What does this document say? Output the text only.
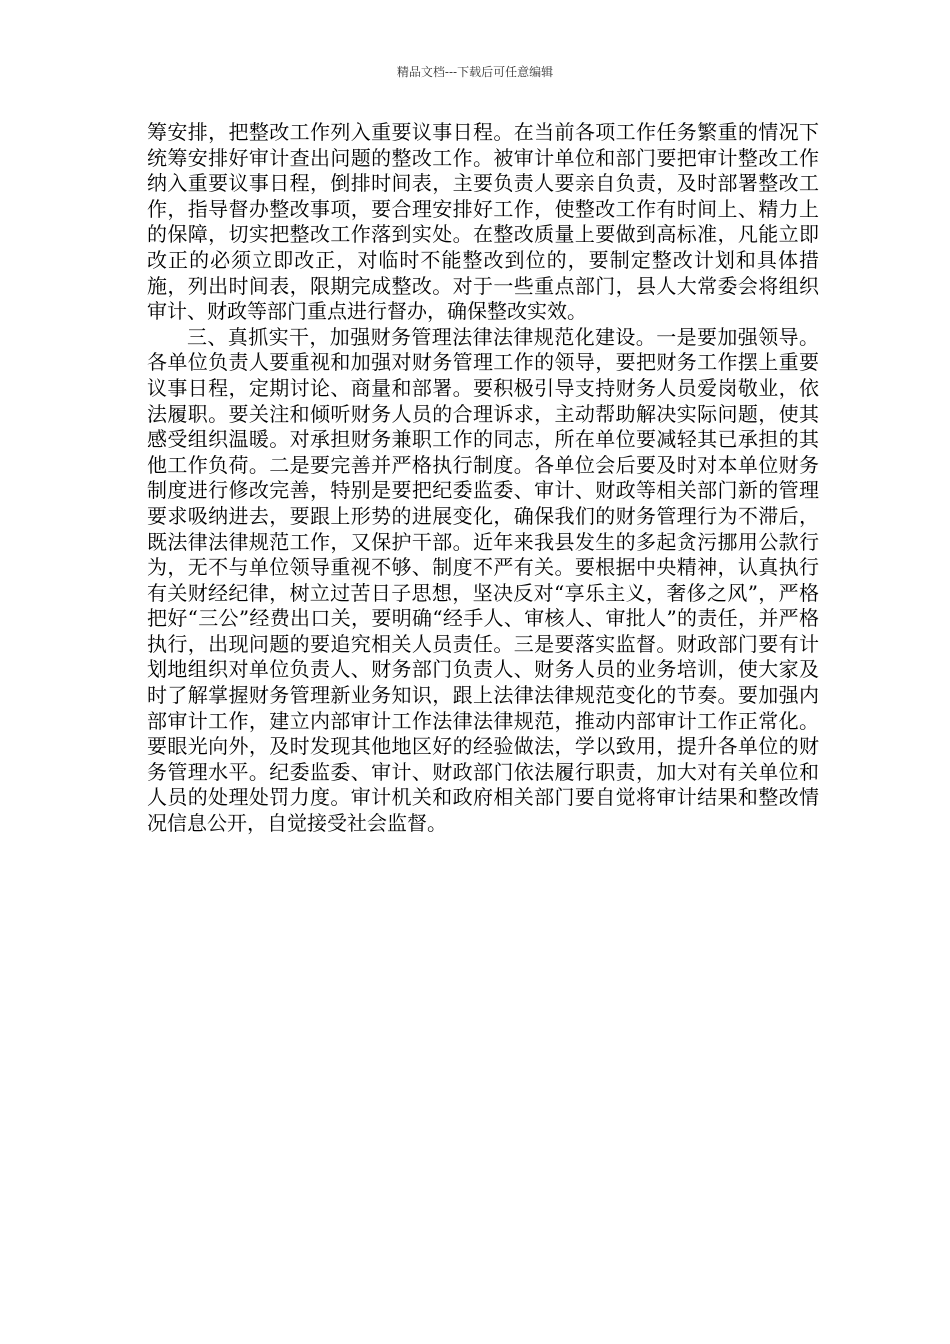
精品文档---下载后可任意编辑

筹安排，把整改工作列入重要议事日程。在当前各项工作任务繁重的情况下统筹安排好审计查出问题的整改工作。被审计单位和部门要把审计整改工作纳入重要议事日程，倒排时间表，主要负责人要亲自负责，及时部署整改工作，指导督办整改事项，要合理安排好工作，使整改工作有时间上、精力上的保障，切实把整改工作落到实处。在整改质量上要做到高标准，凡能立即改正的必须立即改正，对临时不能整改到位的，要制定整改计划和具体措施，列出时间表，限期完成整改。对于一些重点部门，县人大常委会将组织审计、财政等部门重点进行督办，确保整改实效。

三、真抓实干，加强财务管理法律法律规范化建设。一是要加强领导。各单位负责人要重视和加强对财务管理工作的领导，要把财务工作摆上重要议事日程，定期讨论、商量和部署。要积极引导支持财务人员爱岗敬业，依法履职。要关注和倾听财务人员的合理诉求，主动帮助解决实际问题，使其感受组织温暖。对承担财务兼职工作的同志，所在单位要减轻其已承担的其他工作负荷。二是要完善并严格执行制度。各单位会后要及时对本单位财务制度进行修改完善，特别是要把纪委监委、审计、财政等相关部门新的管理要求吸纳进去，要跟上形势的进展变化，确保我们的财务管理行为不滞后，既法律法律规范工作，又保护干部。近年来我县发生的多起贪污挪用公款行为，无不与单位领导重视不够、制度不严有关。要根据中央精神，认真执行有关财经纪律，树立过苦日子思想，坚决反对“享乐主义，奢侈之风”，严格把好“三公”经费出口关，要明确“经手人、审核人、审批人”的责任，并严格执行，出现问题的要追究相关人员责任。三是要落实监督。财政部门要有计划地组织对单位负责人、财务部门负责人、财务人员的业务培训，使大家及时了解掌握财务管理新业务知识，跟上法律法律规范变化的节奏。要加强内部审计工作，建立内部审计工作法律法律规范，推动内部审计工作正常化。要眼光向外，及时发现其他地区好的经验做法，学以致用，提升各单位的财务管理水平。纪委监委、审计、财政部门依法履行职责，加大对有关单位和人员的处理处罚力度。审计机关和政府相关部门要自觉将审计结果和整改情况信息公开，自觉接受社会监督。
